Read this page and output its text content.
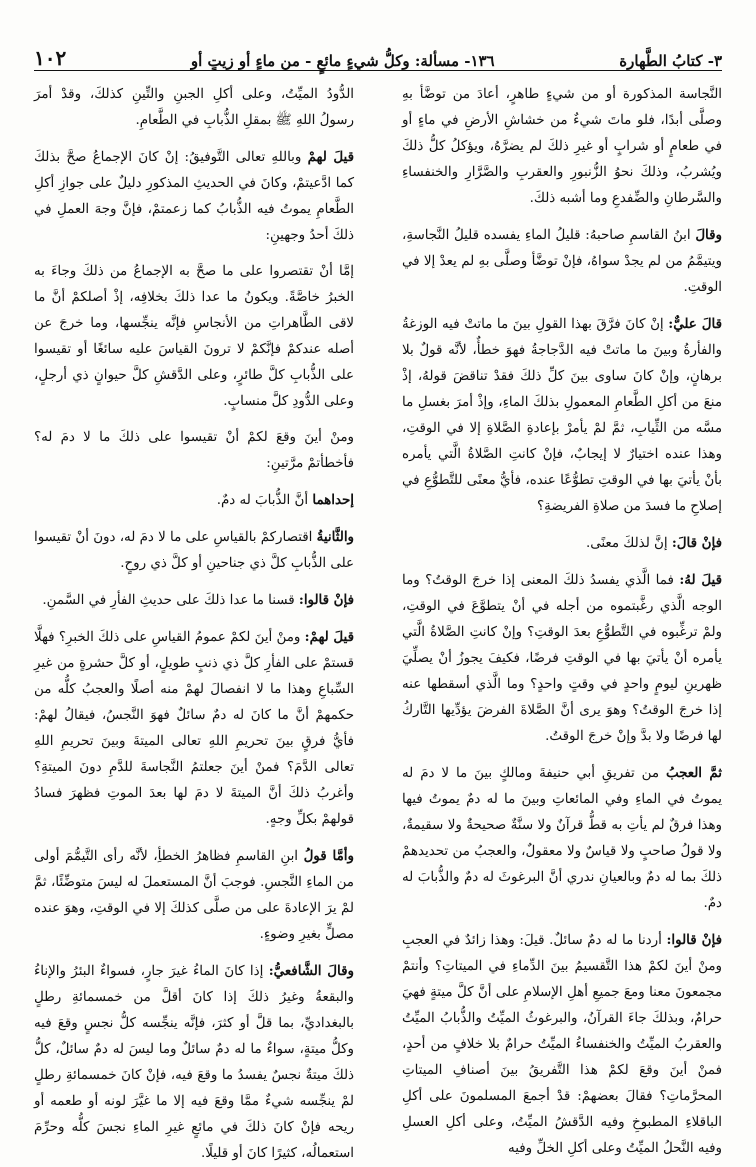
٣- كتابُ الطَّهارة
١٣٦- مسألة: وكلُّ شيءٍ مائعٍ - من ماءٍ أو زيتٍ أو
١٠٢

النَّجاسة المذكورة أو من شيءٍ طاهرٍ، أعادَ من توضَّأ بهِ وصلَّى أبدًا، فلو ماتَ شيءٌ من خشاشِ الأرضِ في ماءٍ أو في طعامٍ أو شرابٍ أو غيرِ ذلكَ لم يضرَّهُ، ويؤكلُ كلُّ ذلكَ ويُشربُ، وذلكَ نحوُ الزُّنبورِ والعقربِ والصَّرَّارِ والخنفساءِ والسَّرطانِ والضِّفدعِ وما أشبه ذلكَ.

وقالَ ابنُ القاسمِ صاحبهُ: قليلُ الماءِ يفسده قليلُ النَّجاسةِ، ويتيمَّمُ من لم يجدْ سواهُ، فإنْ توضَّأ وصلَّى بهِ لم يعدْ إلا في الوقتِ.

قالَ عليٌّ: إنْ كانَ فرَّقَ بهذا القولِ بينَ ما ماتتْ فيه الوزغةُ والفأرةُ وبينَ ما ماتتْ فيه الدَّجاجةُ فهوَ خطأٌ، لأنَّه قولٌ بلا برهانٍ، وإنْ كانَ ساوى بينَ كلِّ ذلكَ فقدْ تناقضَ قولهُ، إذْ منعَ من أكلِ الطَّعامِ المعمولِ بذلكَ الماءِ، وإذْ أمرَ بغسلِ ما مسَّه من الثِّيابِ، ثمَّ لمْ يأمرْ بإعادةِ الصَّلاةِ إلا في الوقتِ، وهذا عنده اختيارٌ لا إيجابٌ، فإنْ كانتِ الصَّلاةُ الَّتي يأمره بأنْ يأتيَ بها في الوقتِ تطوُّعًا عنده، فأيُّ معنًى للتَّطوُّعِ في إصلاحِ ما فسدَ من صلاةِ الفريضةِ؟

فإنْ قالَ: إنَّ لذلكَ معنًى.

قيلَ لهُ: فما الَّذي يفسدُ ذلكَ المعنى إذا خرجَ الوقتُ؟ وما الوجه الَّذي رغَّبتموه من أجله في أنْ يتطوَّعَ في الوقتِ، ولمْ ترغِّبوه في التَّطوُّعِ بعدَ الوقتِ؟ وإنْ كانتِ الصَّلاةُ الَّتي يأمره أنْ يأتيَ بها في الوقتِ فرضًا، فكيفَ يجوزُ أنْ يصلِّيَ ظهرينِ ليومٍ واحدٍ في وقتٍ واحدٍ؟ وما الَّذي أسقطها عنه إذا خرجَ الوقتُ؟ وهوَ يرى أنَّ الصَّلاةَ الفرضَ يؤدِّيها التَّاركُ لها فرضًا ولا بدَّ وإنْ خرجَ الوقتُ.

ثمَّ العجبُ من تفريقِ أبي حنيفةَ ومالكٍ بينَ ما لا دمَ له يموتُ في الماءِ وفي المائعاتِ وبينَ ما له دمٌ يموتُ فيها وهذا فرقٌ لم يأتِ به قطُّ قرآنٌ ولا سنَّةٌ صحيحةٌ ولا سقيمةٌ، ولا قولُ صاحبٍ ولا قياسٌ ولا معقولٌ، والعجبُ من تحديدهمْ ذلكَ بما له دمٌ وبالعيانِ ندري أنَّ البرغوثَ له دمٌ والذُّبابَ له دمٌ.

فإنْ قالوا: أردنا ما له دمٌ سائلٌ. قيلَ: وهذا زائدٌ في العجبِ ومنْ أينَ لكمْ هذا التَّقسيمُ بينَ الدِّماءِ في الميتاتِ؟ وأنتمْ مجمعونَ معنا ومعَ جميعِ أهلِ الإسلامِ على أنَّ كلَّ ميتةٍ فهيَ حرامٌ، وبذلكَ جاءَ القرآنُ، والبرغوثُ الميِّتُ والذُّبابُ الميِّتُ والعقربُ الميِّتُ والخنفساءُ الميِّتُ حرامٌ بلا خلافٍ من أحدٍ، فمنْ أينَ وقعَ لكمْ هذا التَّفريقُ بينَ أصنافِ الميتاتِ المحرَّماتِ؟ فقالَ بعضهمْ: قدْ أجمعَ المسلمونَ على أكلِ الباقلاءِ المطبوخِ وفيه الدَّقشُ الميِّتُ، وعلى أكلِ العسلِ وفيه النَّحلُ الميِّتُ وعلى أكلِ الخلِّ وفيه

الدُّودُ الميِّتُ، وعلى أكلِ الجبنِ والتِّينِ كذلكَ، وقدْ أمرَ رسولُ اللهِ ﷺ بمقلِ الذُّبابِ في الطَّعامِ.

قيلَ لهمْ وباللهِ تعالى التَّوفيقُ: إنْ كانَ الإجماعُ صحَّ بذلكَ كما ادَّعيتمْ، وكانَ في الحديثِ المذكورِ دليلٌ على جوازِ أكلِ الطَّعامِ يموتُ فيه الذُّبابُ كما زعمتمْ، فإنَّ وجهَ العملِ في ذلكَ أحدُ وجهينِ:

إمَّا أنْ تقتصروا على ما صحَّ به الإجماعُ من ذلكَ وجاءَ به الخبرُ خاصَّةً. ويكونُ ما عدا ذلكَ بخلافِه، إذْ أصلكمْ أنَّ ما لاقى الطَّاهراتِ من الأنجاسِ فإنَّه ينجِّسها، وما خرجَ عن أصله عندكمْ فإنَّكمْ لا ترونَ القياسَ عليه سائغًا أو تقيسوا على الذُّبابِ كلَّ طائرٍ، وعلى الدَّقشِ كلَّ حيوانٍ ذي أرجلٍ، وعلى الدُّودِ كلَّ منسابٍ.

ومنْ أينَ وقعَ لكمْ أنْ تقيسوا على ذلكَ ما لا دمَ له؟ فأخطأتمْ مرَّتينِ:

إحداهما أنَّ الذُّبابَ له دمٌ.

والثَّانيةُ اقتصاركمْ بالقياسِ على ما لا دمَ له، دونَ أنْ تقيسوا على الذُّبابِ كلَّ ذي جناحينِ أو كلَّ ذي روحٍ.

فإنْ قالوا: قسنا ما عدا ذلكَ على حديثِ الفأرِ في السَّمنِ.

قيلَ لهمْ: ومنْ أينَ لكمْ عمومُ القياسِ على ذلكَ الخبرِ؟ فهلَّا قستمْ على الفأرِ كلَّ ذي ذنبٍ طويلٍ، أو كلَّ حشرةٍ من غيرِ السِّباعِ وهذا ما لا انفصالَ لهمْ منه أصلًا والعجبُ كلُّه من حكمهمْ أنَّ ما كانَ له دمٌ سائلٌ فهوَ النَّجسُ، فيقالُ لهمْ: فأيُّ فرقٍ بينَ تحريمِ اللهِ تعالى الميتةَ وبينَ تحريمِ اللهِ تعالى الدَّمَ؟ فمنْ أينَ جعلتمُ النَّجاسةَ للدَّمِ دونَ الميتةِ؟ وأغربُ ذلكَ أنَّ الميتةَ لا دمَ لها بعدَ الموتِ فظهرَ فسادُ قولهمْ بكلِّ وجهٍ.

وأمَّا قولُ ابنِ القاسمِ فظاهرُ الخطأِ، لأنَّه رأى التَّيمُّمَ أولى من الماءِ النَّجسِ. فوجبَ أنَّ المستعملَ له ليسَ متوضِّئًا، ثمَّ لمْ يرَ الإعادةَ على من صلَّى كذلكَ إلا في الوقتِ، وهوَ عنده مصلٍّ بغيرِ وضوءٍ.

وقالَ الشَّافعيُّ: إذا كانَ الماءُ غيرَ جارٍ، فسواءٌ البئرُ والإناءُ والبقعةُ وغيرُ ذلكَ إذا كانَ أقلَّ من خمسمائةِ رطلٍ بالبغداديِّ، بما قلَّ أو كثرَ، فإنَّه ينجِّسه كلُّ نجسٍ وقعَ فيه وكلُّ ميتةٍ، سواءٌ ما له دمٌ سائلٌ وما ليسَ له دمٌ سائلٌ، كلُّ ذلكَ ميتةٌ نجسٌ يفسدُ ما وقعَ فيه، فإنْ كانَ خمسمائةِ رطلٍ لمْ ينجِّسه شيءٌ ممَّا وقعَ فيه إلا ما غيَّرَ لونه أو طعمه أو ريحه فإنْ كانَ ذلكَ في مائعٍ غيرِ الماءِ نجسَ كلُّه وحرِّمَ استعمالُه، كثيرًا كانَ أو قليلًا.
